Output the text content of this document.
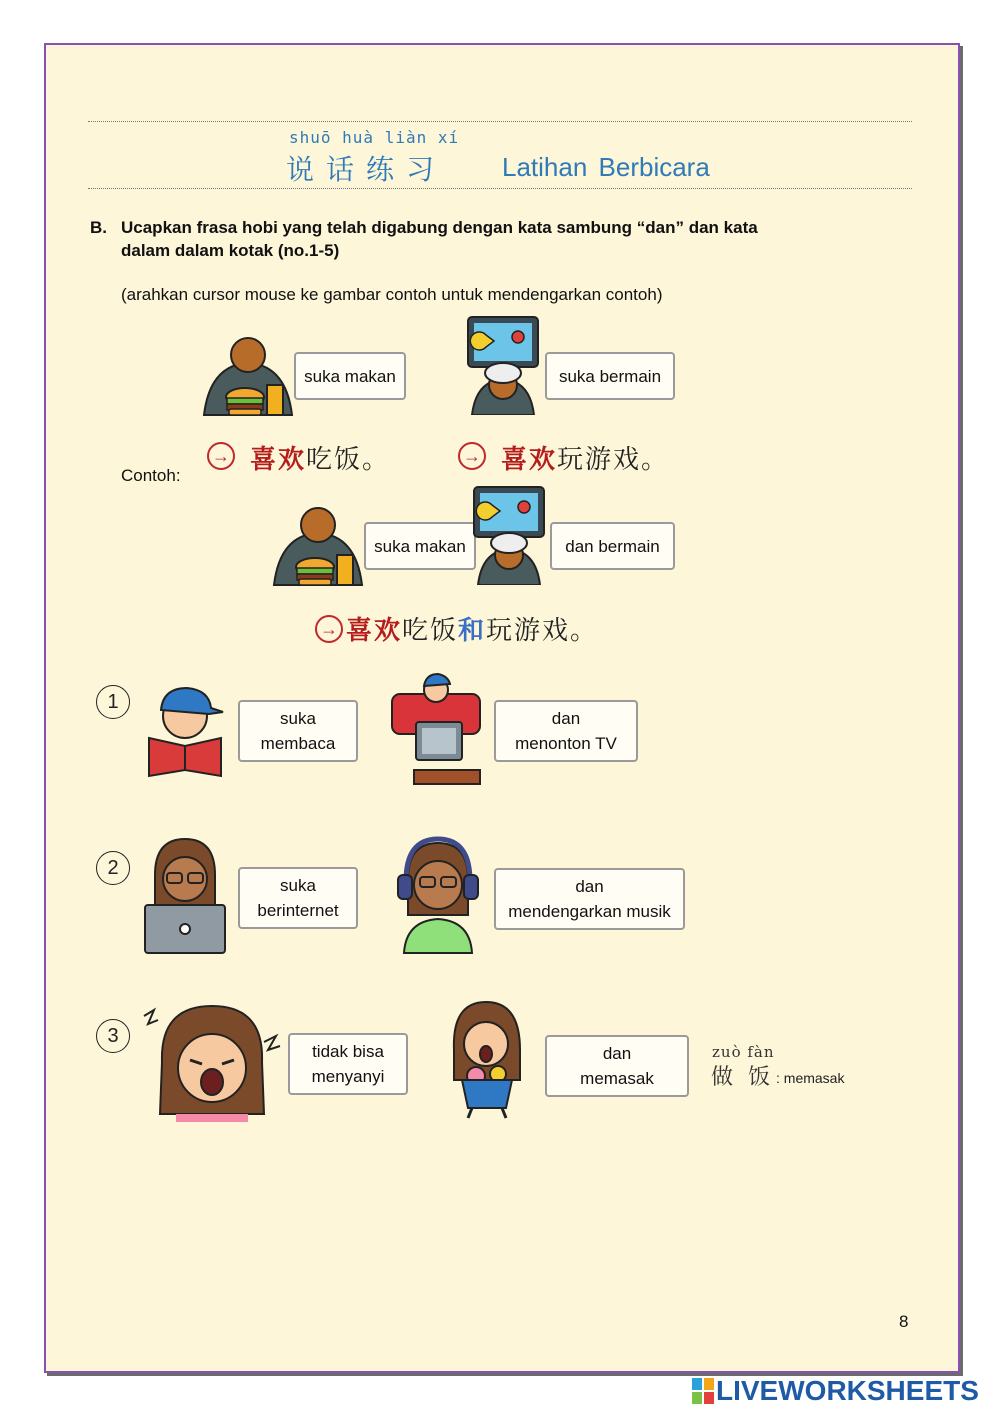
shuō huà liàn xí
说话练习 Latihan Berbicara
B. Ucapkan frasa hobi yang telah digabung dengan kata sambung “dan” dan kata
dalam dalam kotak (no.1-5)
(arahkan cursor mouse ke gambar contoh untuk mendengarkan contoh)
suka makan	suka bermain
Contoh:
→ 喜欢吃饭。	→ 喜欢玩游戏。
suka makan	dan bermain
→ 喜欢吃饭和玩游戏。
1
suka
membaca
dan
menonton TV
2
suka
berinternet
dan
mendengarkan musik
3
tidak bisa
menyanyi
dan
memasak
zuò fàn
做 饭 : memasak
8
LIVEWORKSHEETS
